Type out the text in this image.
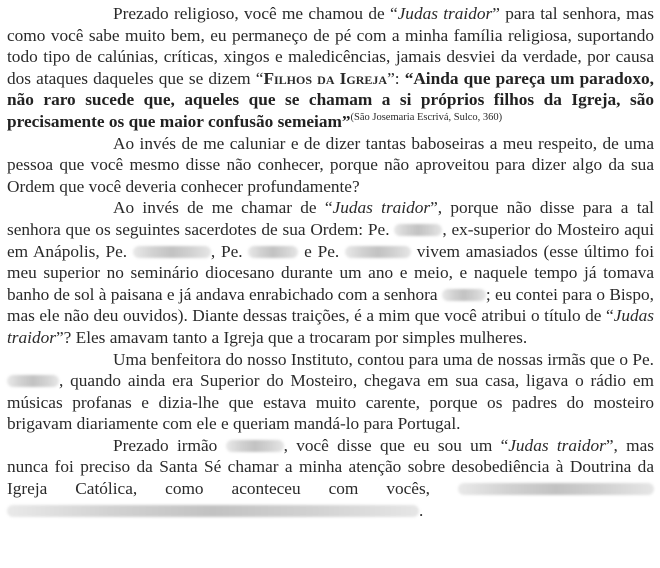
Prezado religioso, você me chamou de “Judas traidor” para tal senhora, mas como você sabe muito bem, eu permaneço de pé com a minha família religiosa, suportando todo tipo de calúnias, críticas, xingos e maledicências, jamais desviei da verdade, por causa dos ataques daqueles que se dizem “Filhos da Igreja”: “Ainda que pareça um paradoxo, não raro sucede que, aqueles que se chamam a si próprios filhos da Igreja, são precisamente os que maior confusão semeiam”$^{(São Josemaria Escrivá, Sulco, 360)}$

Ao invés de me caluniar e de dizer tantas baboseiras a meu respeito, de uma pessoa que você mesmo disse não conhecer, porque não aproveitou para dizer algo da sua Ordem que você deveria conhecer profundamente?

Ao invés de me chamar de “Judas traidor”, porque não disse para a tal senhora que os seguintes sacerdotes de sua Ordem: Pe.	, ex-superior do Mosteiro aqui em Anápolis, Pe.	, Pe.	e Pe.	vivem amasiados (esse último foi meu superior no seminário diocesano durante um ano e meio, e naquele tempo já tomava banho de sol à paisana e já andava enrabichado com a senhora	; eu contei para o Bispo, mas ele não deu ouvidos). Diante dessas traições, é a mim que você atribui o título de “Judas traidor”? Eles amavam tanto a Igreja que a trocaram por simples mulheres.

Uma benfeitora do nosso Instituto, contou para uma de nossas irmãs que o Pe. , quando ainda era Superior do Mosteiro, chegava em sua casa, ligava o rádio em músicas profanas e dizia-lhe que estava muito carente, porque os padres do mosteiro brigavam diariamente com ele e queriam mandá-lo para Portugal.

Prezado irmão	, você disse que eu sou um “Judas traidor”, mas nunca foi preciso da Santa Sé chamar a minha atenção sobre desobediência à Doutrina da Igreja Católica, como aconteceu com vocês,  .
